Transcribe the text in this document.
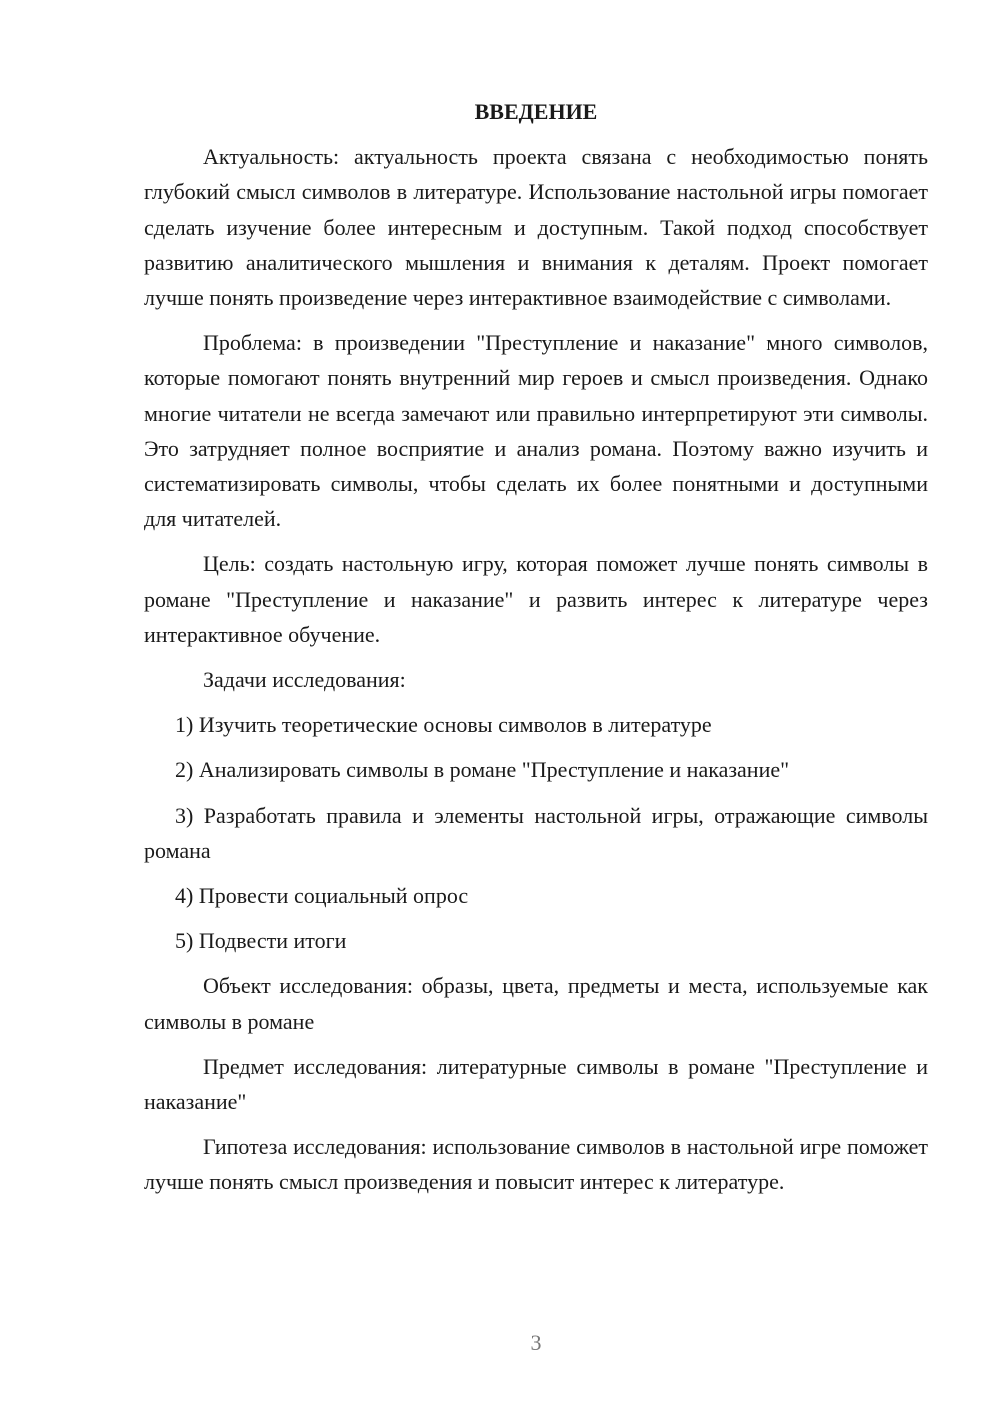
ВВЕДЕНИЕ

Актуальность: актуальность проекта связана с необходимостью понять глубокий смысл символов в литературе. Использование настольной игры помогает сделать изучение более интересным и доступным. Такой подход способствует развитию аналитического мышления и внимания к деталям. Проект помогает лучше понять произведение через интерактивное взаимодействие с символами.

Проблема: в произведении "Преступление и наказание" много символов, которые помогают понять внутренний мир героев и смысл произведения. Однако многие читатели не всегда замечают или правильно интерпретируют эти символы. Это затрудняет полное восприятие и анализ романа. Поэтому важно изучить и систематизировать символы, чтобы сделать их более понятными и доступными для читателей.

Цель: создать настольную игру, которая поможет лучше понять символы в романе "Преступление и наказание" и развить интерес к литературе через интерактивное обучение.

Задачи исследования:

1) Изучить теоретические основы символов в литературе

2) Анализировать символы в романе "Преступление и наказание"

3) Разработать правила и элементы настольной игры, отражающие символы романа

4) Провести социальный опрос

5) Подвести итоги

Объект исследования: образы, цвета, предметы и места, используемые как символы в романе

Предмет исследования: литературные символы в романе "Преступление и наказание"

Гипотеза исследования: использование символов в настольной игре поможет лучше понять смысл произведения и повысит интерес к литературе.

3
